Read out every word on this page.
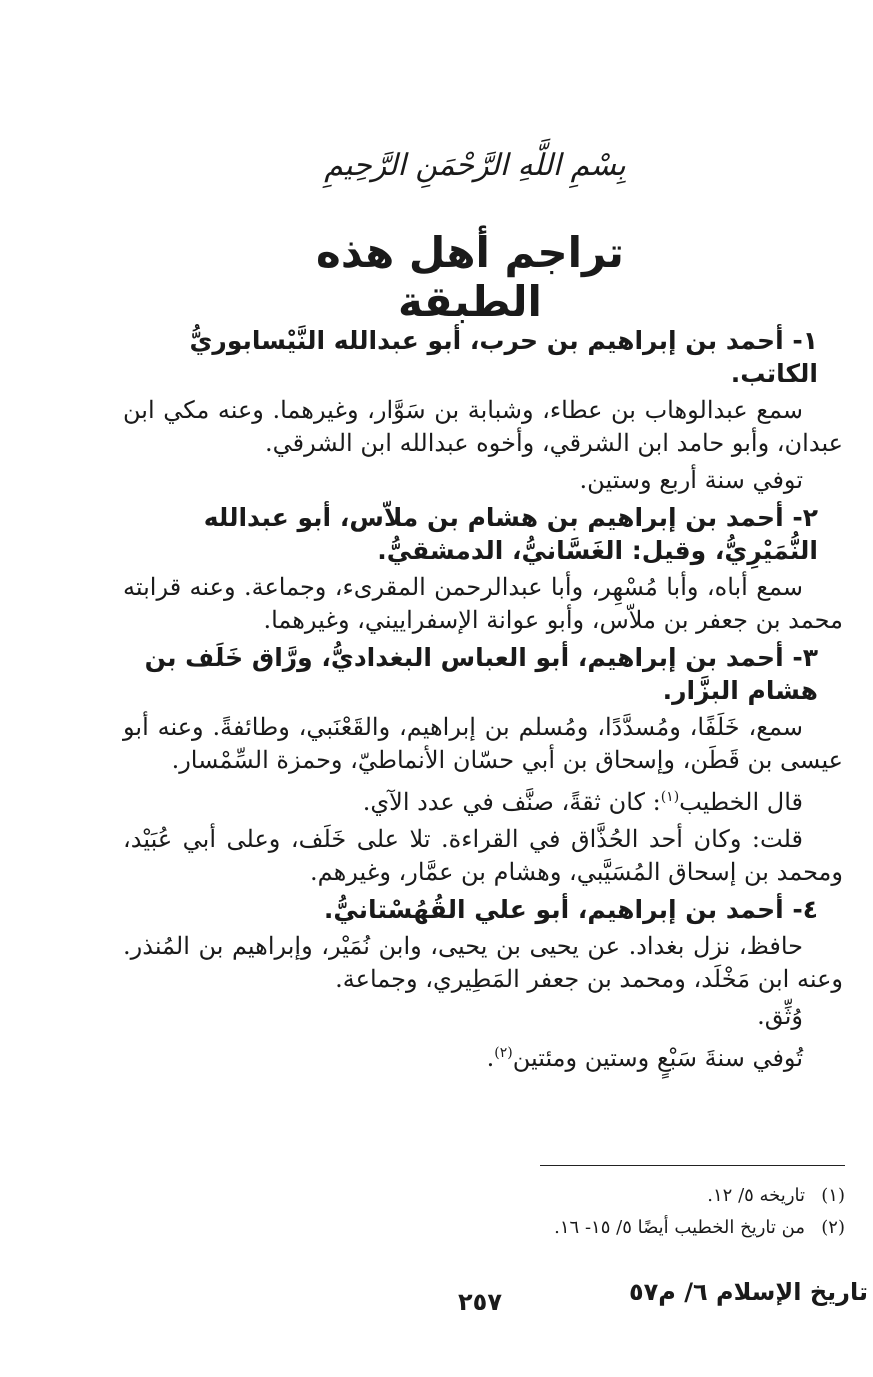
بِسْمِ اللَّهِ الرَّحْمَنِ الرَّحِيمِ
تراجم أهل هذه الطبقة
١- أحمد بن إبراهيم بن حرب، أبو عبدالله النَّيْسابوريُّ الكاتب.

سمع عبدالوهاب بن عطاء، وشبابة بن سَوَّار، وغيرهما. وعنه مكي ابن عبدان، وأبو حامد ابن الشرقي، وأخوه عبدالله ابن الشرقي.

توفي سنة أربع وستين.

٢- أحمد بن إبراهيم بن هشام بن ملاّس، أبو عبدالله النُّمَيْرِيُّ، وقيل: الغَسَّانيُّ، الدمشقيُّ.

سمع أباه، وأبا مُسْهِر، وأبا عبدالرحمن المقرىء، وجماعة. وعنه قرابته محمد بن جعفر بن ملاّس، وأبو عوانة الإسفراييني، وغيرهما.

٣- أحمد بن إبراهيم، أبو العباس البغداديُّ، ورَّاق خَلَف بن هشام البزَّار.

سمع، خَلَفًا، ومُسدَّدًا، ومُسلم بن إبراهيم، والقَعْنَبي، وطائفةً. وعنه أبو عيسى بن قَطَن، وإسحاق بن أبي حسّان الأنماطيّ، وحمزة السِّمْسار.

قال الخطيب$^{(١)}$: كان ثقةً، صنَّف في عدد الآي.

قلت: وكان أحد الحُذَّاق في القراءة. تلا على خَلَف، وعلى أبي عُبَيْد، ومحمد بن إسحاق المُسَيَّبي، وهشام بن عمَّار، وغيرهم.

٤- أحمد بن إبراهيم، أبو علي القُهُسْتانيُّ.

حافظ، نزل بغداد. عن يحيى بن يحيى، وابن نُمَيْر، وإبراهيم بن المُنذر. وعنه ابن مَخْلَد، ومحمد بن جعفر المَطِيري، وجماعة.

وُثِّق.

تُوفي سنةَ سَبْعٍ وستين ومئتين$^{(٢)}$.

(١)تاريخه ٥/ ١٢.
(٢)من تاريخ الخطيب أيضًا ٥/ ١٥- ١٦.
تاريخ الإسلام ٦/ م٥٧
٢٥٧
